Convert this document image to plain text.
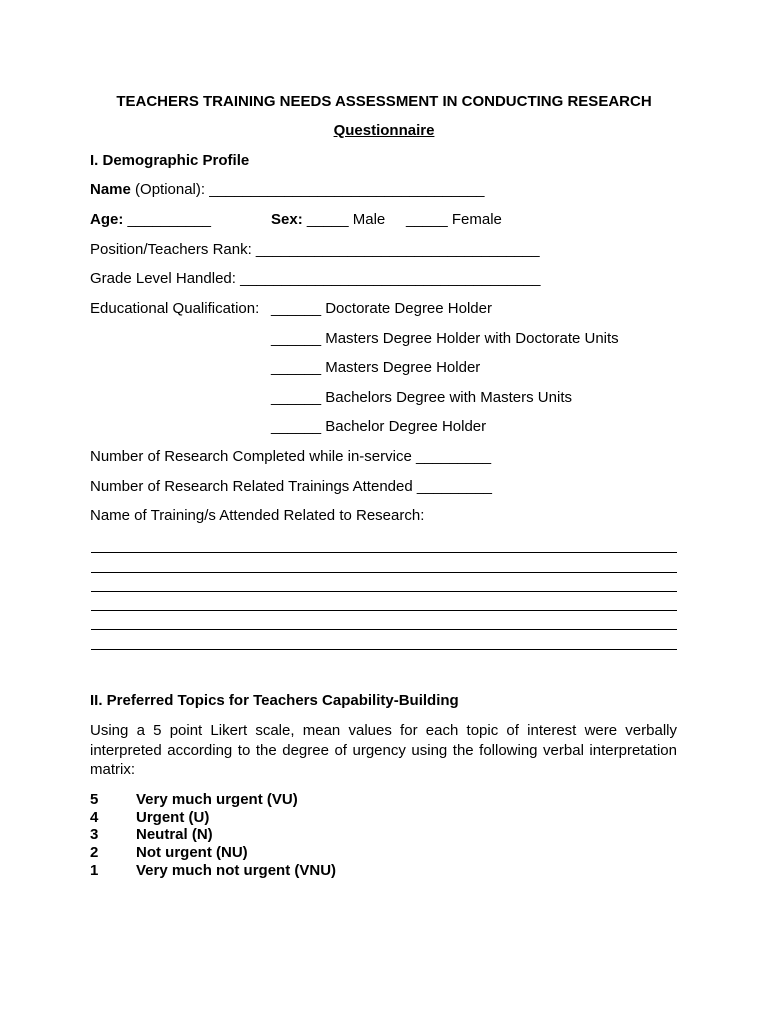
TEACHERS TRAINING NEEDS ASSESSMENT IN CONDUCTING RESEARCH
Questionnaire
I. Demographic Profile
Name (Optional): _________________________________
Age: __________	Sex: _____ Male _____ Female
Position/Teachers Rank: __________________________________
Grade Level Handled: ____________________________________
Educational Qualification: ______ Doctorate Degree Holder
______ Masters Degree Holder with Doctorate Units
______ Masters Degree Holder
______ Bachelors Degree with Masters Units
______ Bachelor Degree Holder
Number of Research Completed while in-service _________
Number of Research Related Trainings Attended _________
Name of Training/s Attended Related to Research:
II. Preferred Topics for Teachers Capability-Building
Using a 5 point Likert scale, mean values for each topic of interest were verbally interpreted according to the degree of urgency using the following verbal interpretation matrix:
5	Very much urgent (VU)
4	Urgent (U)
3	Neutral (N)
2	Not urgent (NU)
1	Very much not urgent (VNU)
